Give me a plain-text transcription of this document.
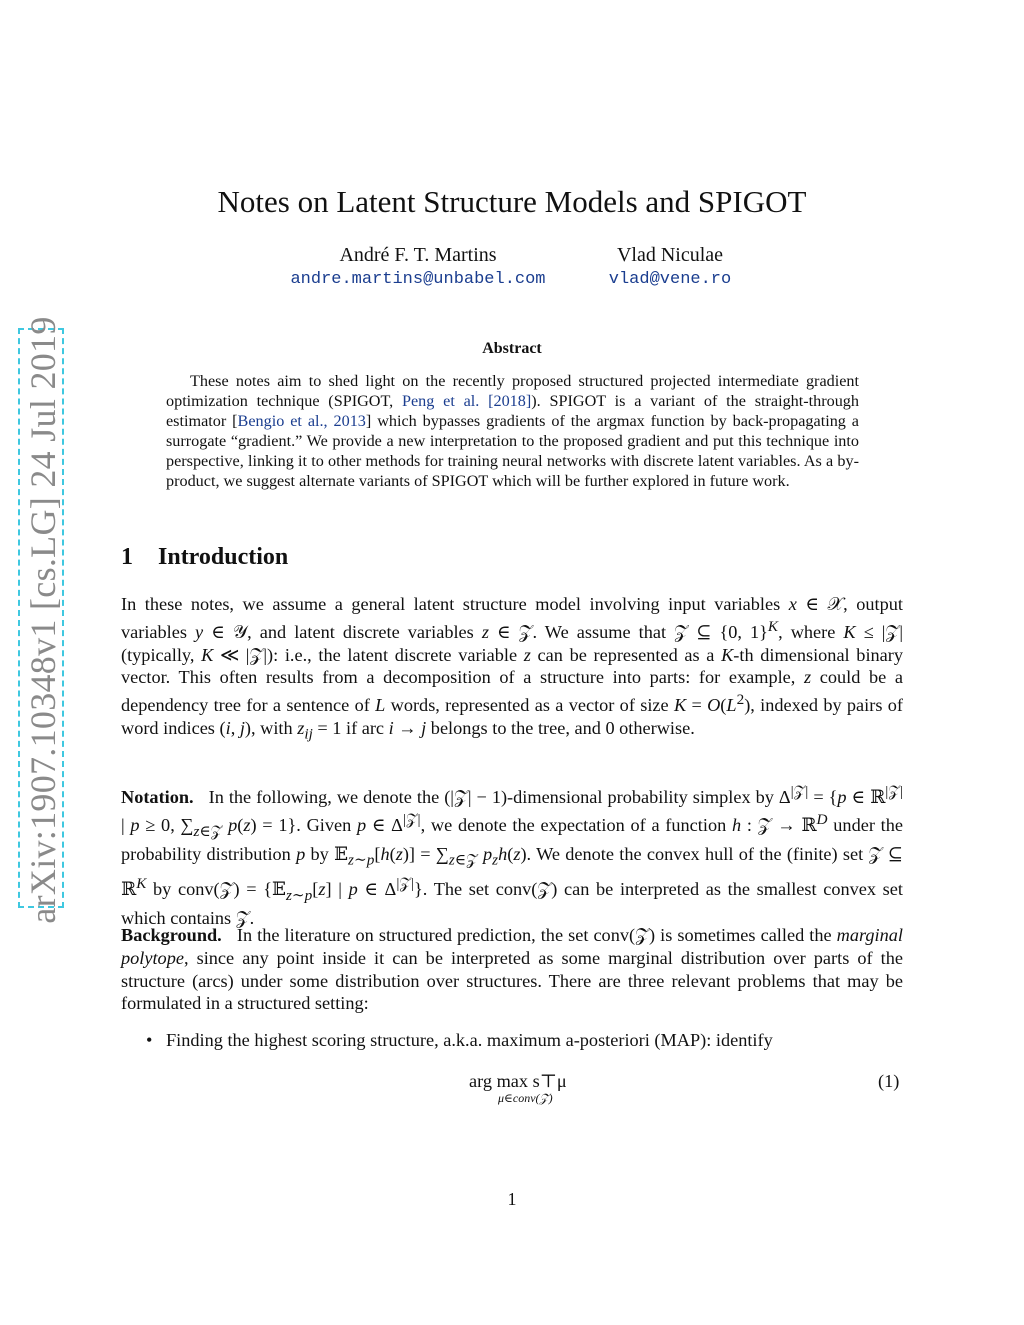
arXiv:1907.10348v1 [cs.LG] 24 Jul 2019
Notes on Latent Structure Models and SPIGOT
André F. T. Martins
andre.martins@unbabel.com
Vlad Niculae
vlad@vene.ro
Abstract

These notes aim to shed light on the recently proposed structured projected intermediate gradient optimization technique (SPIGOT, Peng et al. [2018]). SPIGOT is a variant of the straight-through estimator [Bengio et al., 2013] which bypasses gradients of the argmax function by back-propagating a surrogate “gradient.” We provide a new interpretation to the proposed gradient and put this technique into perspective, linking it to other methods for training neural networks with discrete latent variables. As a by-product, we suggest alternate variants of SPIGOT which will be further explored in future work.

1 Introduction

In these notes, we assume a general latent structure model involving input variables x ∈ 𝒳, output variables y ∈ 𝒴, and latent discrete variables z ∈ 𝒵. We assume that 𝒵 ⊆ {0, 1}$^K$, where K ≤ |𝒵| (typically, K ≪ |𝒵|): i.e., the latent discrete variable z can be represented as a K-th dimensional binary vector. This often results from a decomposition of a structure into parts: for example, z could be a dependency tree for a sentence of L words, represented as a vector of size $K = O(L^2)$, indexed by pairs of word indices (i, j), with $z_{ij} = 1$ if arc i → j belongs to the tree, and 0 otherwise.

Notation.   In the following, we denote the (|𝒵| − 1)-dimensional probability simplex by $\Delta^{|𝒵|} = \{p$ ∈ ℝ$^{|𝒵|}$ | p ≥ 0, $\sum_{z\in 𝒵}$ p(z) = 1}. Given p ∈ $\Delta^{|𝒵|}$, we denote the expectation of a function h : 𝒵 → ℝ$^D$ under the probability distribution p by 𝔼$_{z\sim p}$[h(z)] = $\sum_{z\in 𝒵}$ $p_zh(z)$. We denote the convex hull of the (finite) set 𝒵 ⊆ ℝ$^K$ by conv(𝒵) = {𝔼$_{z\sim p}$[z] | p ∈ $\Delta^{|𝒵|}$}. The set conv(𝒵) can be interpreted as the smallest convex set which contains 𝒵.

Background. In the literature on structured prediction, the set conv(𝒵) is sometimes called the marginal polytope, since any point inside it can be interpreted as some marginal distribution over parts of the structure (arcs) under some distribution over structures. There are three relevant problems that may be formulated in a structured setting:

• Finding the highest scoring structure, a.k.a. maximum a-posteriori (MAP): identify
arg max s⊤μ
μ∈conv(𝒵)
(1)
1
